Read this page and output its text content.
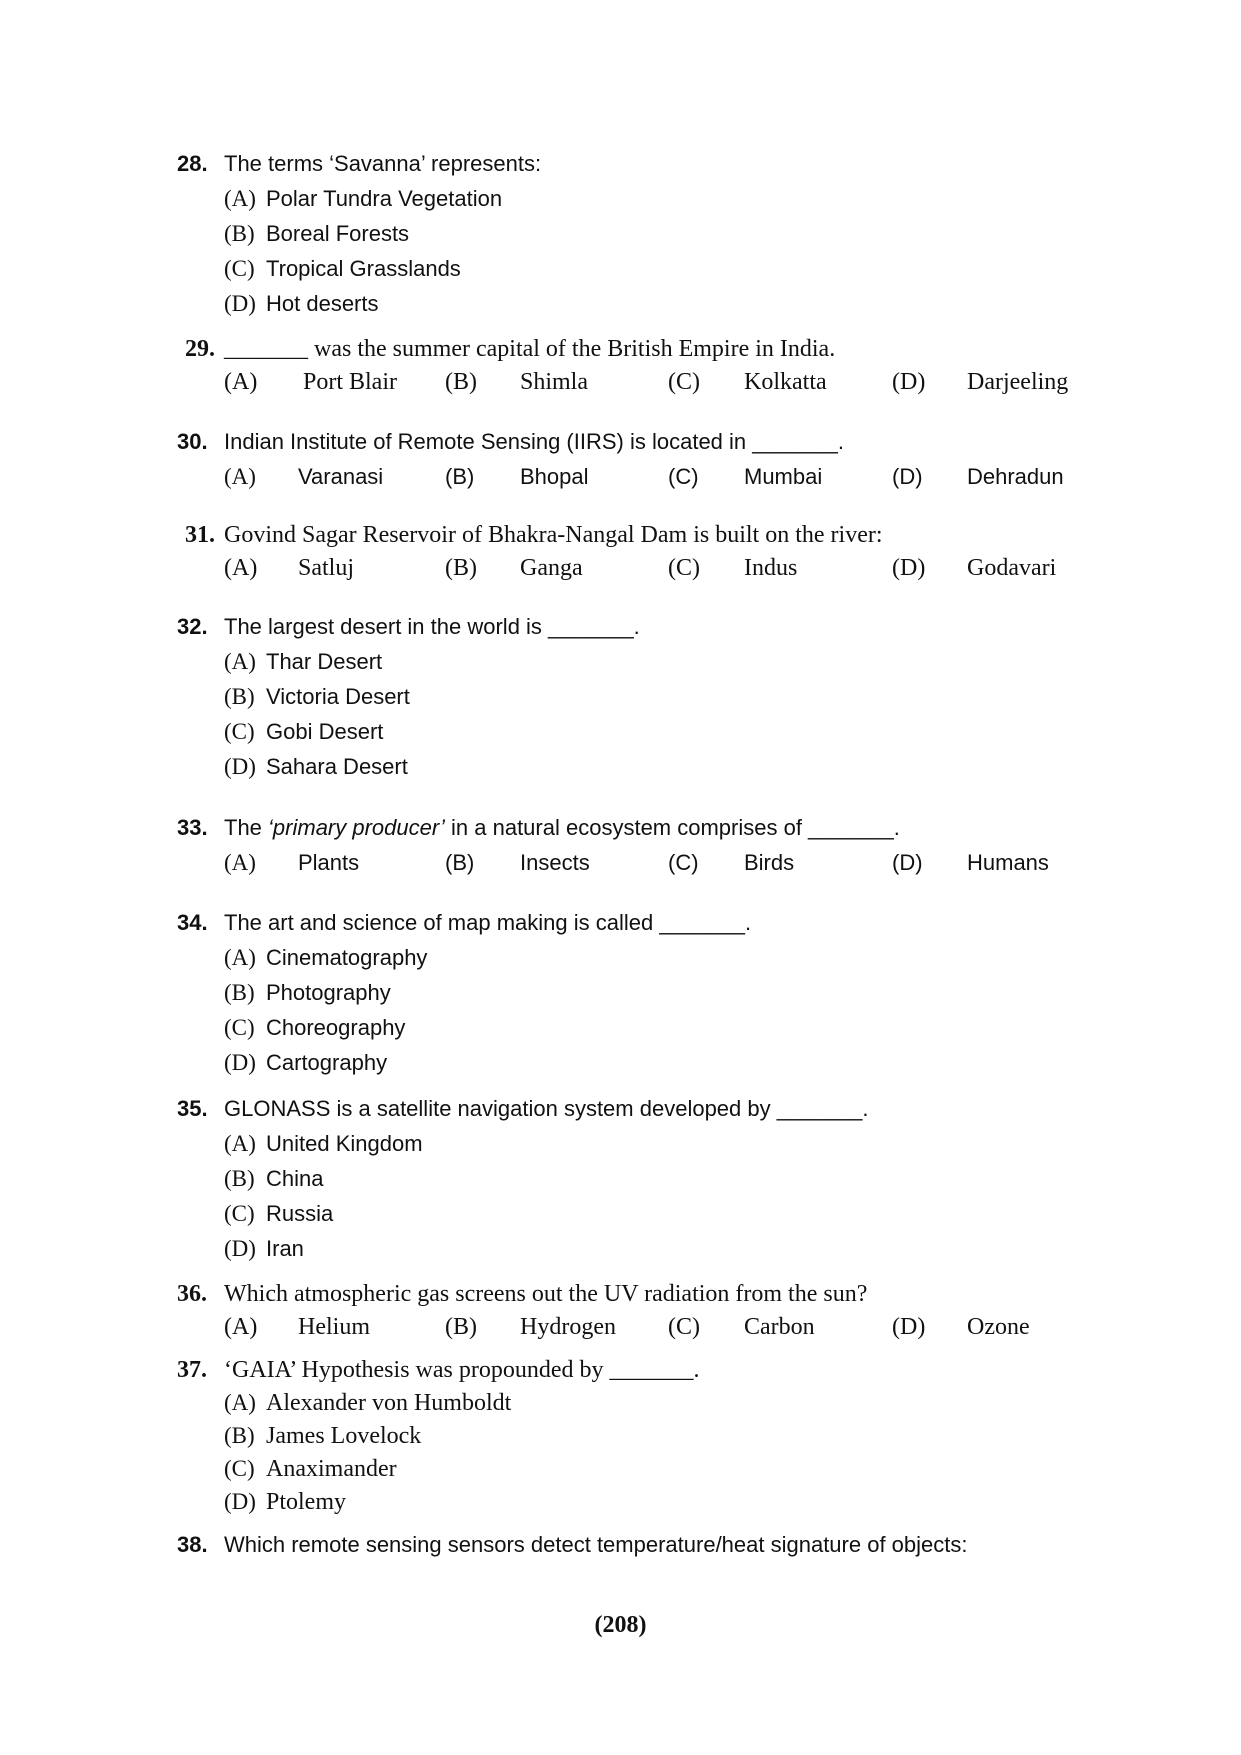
28. The terms ‘Savanna’ represents:
(A) Polar Tundra Vegetation
(B) Boreal Forests
(C) Tropical Grasslands
(D) Hot deserts
29. _______ was the summer capital of the British Empire in India.
(A) Port Blair (B) Shimla	(C) Kolkatta	(D) Darjeeling
30. Indian Institute of Remote Sensing (IIRS) is located in _______.
(A)	Varanasi	(B) Bhopal	(C) Mumbai	(D) Dehradun
31. Govind Sagar Reservoir of Bhakra-Nangal Dam is built on the river:
(A) Satluj	(B) Ganga	(C) Indus	(D) Godavari
32. The largest desert in the world is _______.
(A) Thar Desert
(B) Victoria Desert
(C) Gobi Desert
(D) Sahara Desert
33. The ‘primary producer’ in a natural ecosystem comprises of _______.
(A)	Plants	(B) Insects	(C) Birds	(D) Humans
34. The art and science of map making is called _______.
(A) Cinematography
(B) Photography
(C) Choreography
(D) Cartography
35. GLONASS is a satellite navigation system developed by _______.
(A) United Kingdom
(B) China
(C) Russia
(D) Iran
36. Which atmospheric gas screens out the UV radiation from the sun?
(A) Helium	(B) Hydrogen (C) Carbon	(D) Ozone
37. ‘GAIA’ Hypothesis was propounded by _______.
(A) Alexander von Humboldt
(B) James Lovelock
(C) Anaximander
(D) Ptolemy
38. Which remote sensing sensors detect temperature/heat signature of objects:
(208)
